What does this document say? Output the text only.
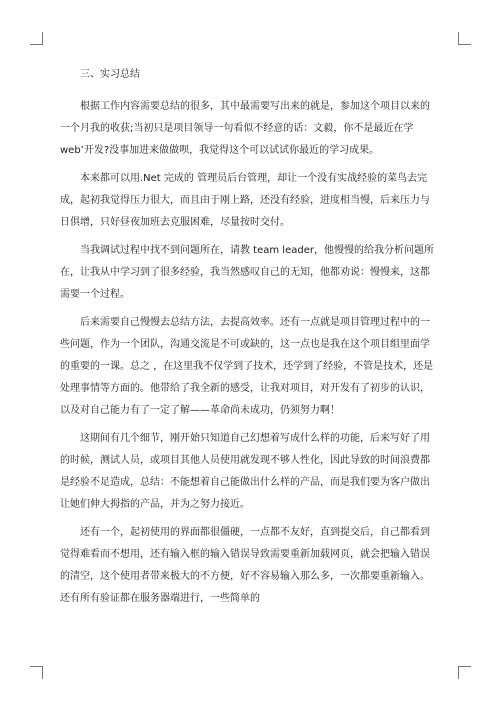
三、实习总结

根据工作内容需要总结的很多，其中最需要写出来的就是，参加这个项目以来的

一个月我的收获;当初只是项目领导一句看似不经意的话：文毅，你不是最近在学

web’开发?没事加进来做做呗，我觉得这个可以试试你最近的学习成果。

本来都可以用.Net 完成的 管理员后台管理，却让一个没有实战经验的菜鸟去完

成，起初我觉得压力很大，而且由于刚上路，还没有经验，进度相当慢，后来压力与

日俱增，只好昼夜加班去克服困难，尽量按时交付。

当我调试过程中找不到问题所在，请教 team leader，他慢慢的给我分析问题所

在，让我从中学习到了很多经验，我当然感叹自己的无知，他都劝说：慢慢来，这都

需要一个过程。

后来需要自己慢慢去总结方法，去提高效率。还有一点就是项目管理过程中的一

些问题，作为一个团队，沟通交流是不可或缺的，这一点也是我在这个项目组里面学

的重要的一课。总之 ，在这里我不仅学到了技术，还学到了经验，不管是技术，还是

处理事情等方面的。他带给了我全新的感受，让我对项目，对开发有了初步的认识，

以及对自己能力有了一定了解——革命尚未成功，仍须努力啊！

这期间有几个细节，刚开始只知道自己幻想着写成什么样的功能，后来写好了用

的时候，测试人员，或项目其他人员使用就发现不够人性化，因此导致的时间浪费都

是经验不足造成，总结：不能想着自己能做出什么样的产品，而是我们要为客户做出

让她们伸大拇指的产品，并为之努力接近。

还有一个，起初使用的界面都很僵硬，一点都不友好，直到提交后，自己都看到

觉得难看而不想用，还有输入框的输入错误导致需要重新加载网页，就会把输入错误

的清空，这个使用者带来极大的不方便，好不容易输入那么多，一次都要重新输入。

还有所有验证都在服务器端进行，一些简单的
